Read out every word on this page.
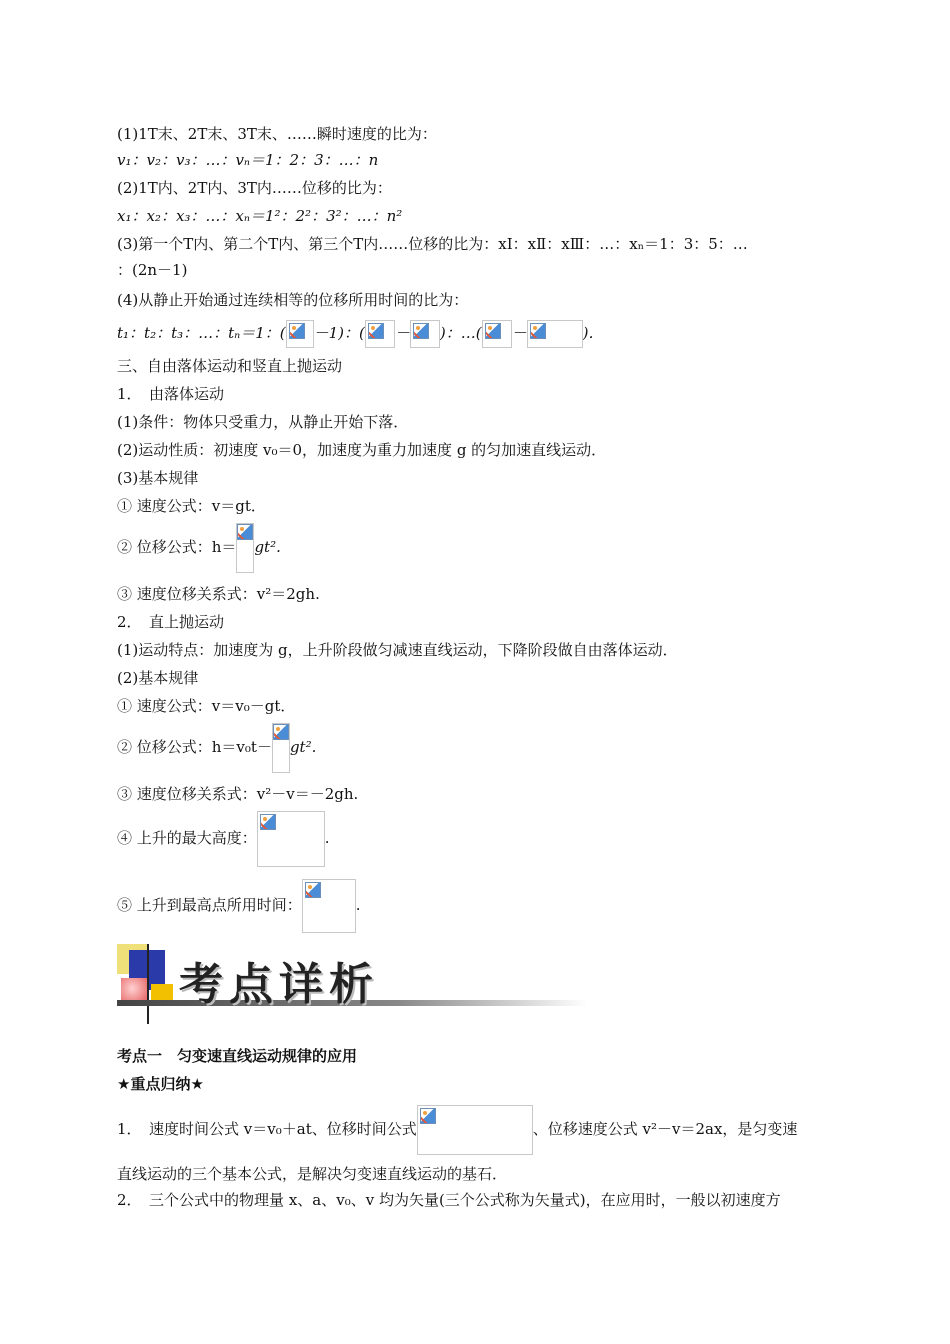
(1)1T末、2T末、3T末、……瞬时速度的比为：
v₁：v₂：v₃：…：vₙ＝1：2：3：…：n
(2)1T内、2T内、3T内……位移的比为：
x₁：x₂：x₃：…：xₙ＝1²：2²：3²：…：n²
(3)第一个T内、第二个T内、第三个T内……位移的比为：xⅠ：xⅡ：xⅢ：…：xₙ＝1：3：5：…
：(2n－1)
(4)从静止开始通过连续相等的位移所用时间的比为：
t₁：t₂：t₃：…：tₙ＝1：( －1)：( － )：…( －	)．
三、自由落体运动和竖直上抛运动
1．　由落体运动
(1)条件：物体只受重力，从静止开始下落．
(2)运动性质：初速度 v₀＝0，加速度为重力加速度 g 的匀加速直线运动．
(3)基本规律
① 速度公式：v＝gt．
② 位移公式：h＝ gt².
③ 速度位移关系式：v²＝2gh.
2．　直上抛运动
(1)运动特点：加速度为 g，上升阶段做匀减速直线运动，下降阶段做自由落体运动．
(2)基本规律
① 速度公式：v＝v₀－gt．
② 位移公式：h＝v₀t－ gt².
③ 速度位移关系式：v²－v＝－2gh.
④ 上升的最大高度：	.
⑤ 上升到最高点所用时间：	.
考点详析
考点一　匀变速直线运动规律的应用
★重点归纳★
1．　速度时间公式 v＝v₀＋at、位移时间公式	、位移速度公式 v²－v＝2ax，是匀变速
直线运动的三个基本公式，是解决匀变速直线运动的基石．
2．　三个公式中的物理量 x、a、v₀、v 均为矢量(三个公式称为矢量式)，在应用时，一般以初速度方
